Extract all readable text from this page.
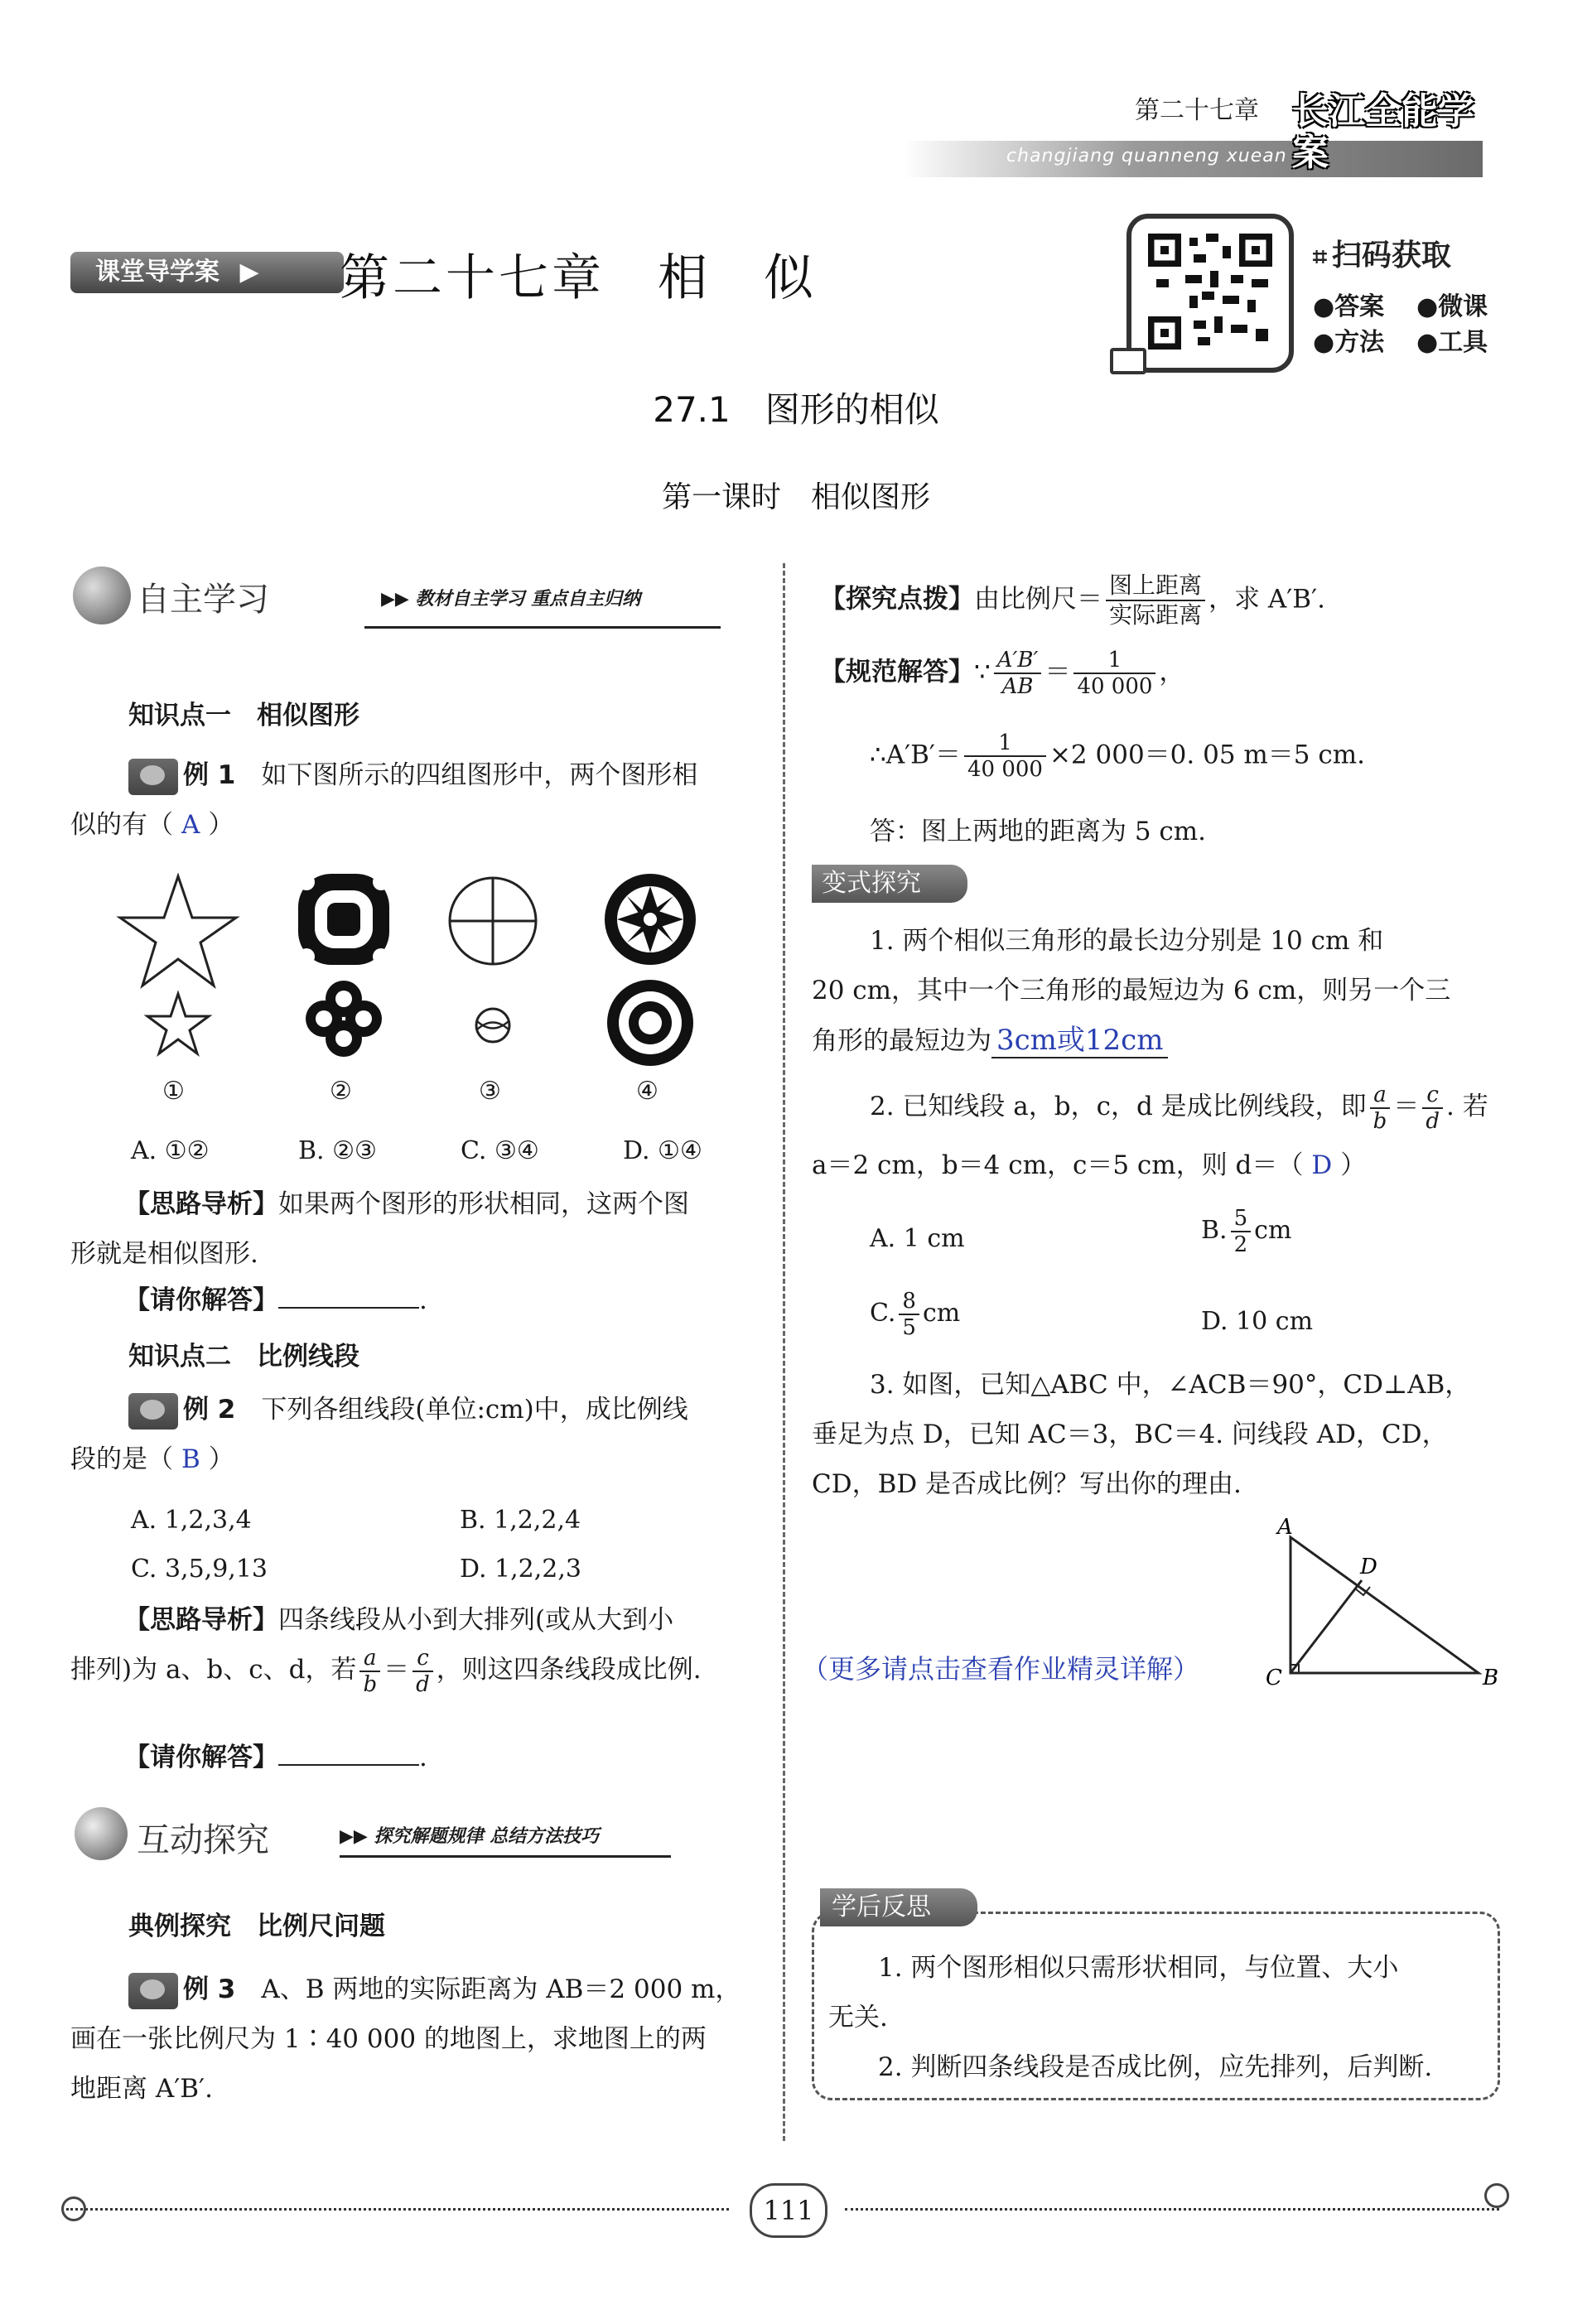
第二十七章
changjiang quanneng xuean
长江全能学案
课堂导学案 ▶	第二十七章　相　似	⌗ 扫码获取
●答案 ●微课
●方法 ●工具
27.1　图形的相似
第一课时　相似图形
自主学习	▶▶ 教材自主学习 重点自主归纳
知识点一　相似图形
例 1　 如下图所示的四组图形中，两个图形相
似的有（ A ）
①	②	③	④
A. ①②	B. ②③	C. ③④	D. ①④
【思路导析】如果两个图形的形状相同，这两个图
形就是相似图形.
【请你解答】	.
知识点二　比例线段
例 2　 下列各组线段(单位:cm)中，成比例线
段的是（ B ）
A. 1,2,3,4	B. 1,2,2,4
C. 3,5,9,13	D. 1,2,2,3
【思路导析】四条线段从小到大排列(或从大到小
排列)为 a、b、c、d，若 $\frac{a}{b} = \frac{c}{d}$ ，则这四条线段成比例.
【请你解答】	.
互动探究	▶▶ 探究解题规律 总结方法技巧
典例探究　比例尺问题
例 3　 A、B 两地的实际距离为 AB＝2 000 m，
画在一张比例尺为 1∶40 000 的地图上，求地图上的两
地距离 A′B′.
【探究点拨】由比例尺＝ $\frac{\text{图上距离}}{\text{实际距离}}$ ，求 A′B′.
【规范解答】∵ $\frac{A'B'}{AB} = \frac{1}{40 000}$ ，
∴A′B′＝ $\frac{1}{40 000} \times 2$ 000＝0. 05 m＝5 cm.
答：图上两地的距离为 5 cm.
变式探究
1. 两个相似三角形的最长边分别是 10 cm 和
20 cm，其中一个三角形的最短边为 6 cm，则另一个三
角形的最短边为 3cm或12cm
2. 已知线段 a，b，c，d 是成比例线段，即 $\frac{a}{b} = \frac{c}{d}$ . 若
a＝2 cm，b＝4 cm，c＝5 cm，则 d＝（ D ）
A. 1 cm	B. $\frac{5}{2}$ cm
C. $\frac{8}{5}$ cm	D. 10 cm
3. 如图，已知△ABC 中，∠ACB＝90°，CD⊥AB，
垂足为点 D，已知 AC＝3，BC＝4. 问线段 AD，CD，
CD，BD 是否成比例？写出你的理由.
A
D
C	B
（更多请点击查看作业精灵详解）
学后反思
1. 两个图形相似只需形状相同，与位置、大小
无关.
2. 判断四条线段是否成比例，应先排列，后判断.
111
